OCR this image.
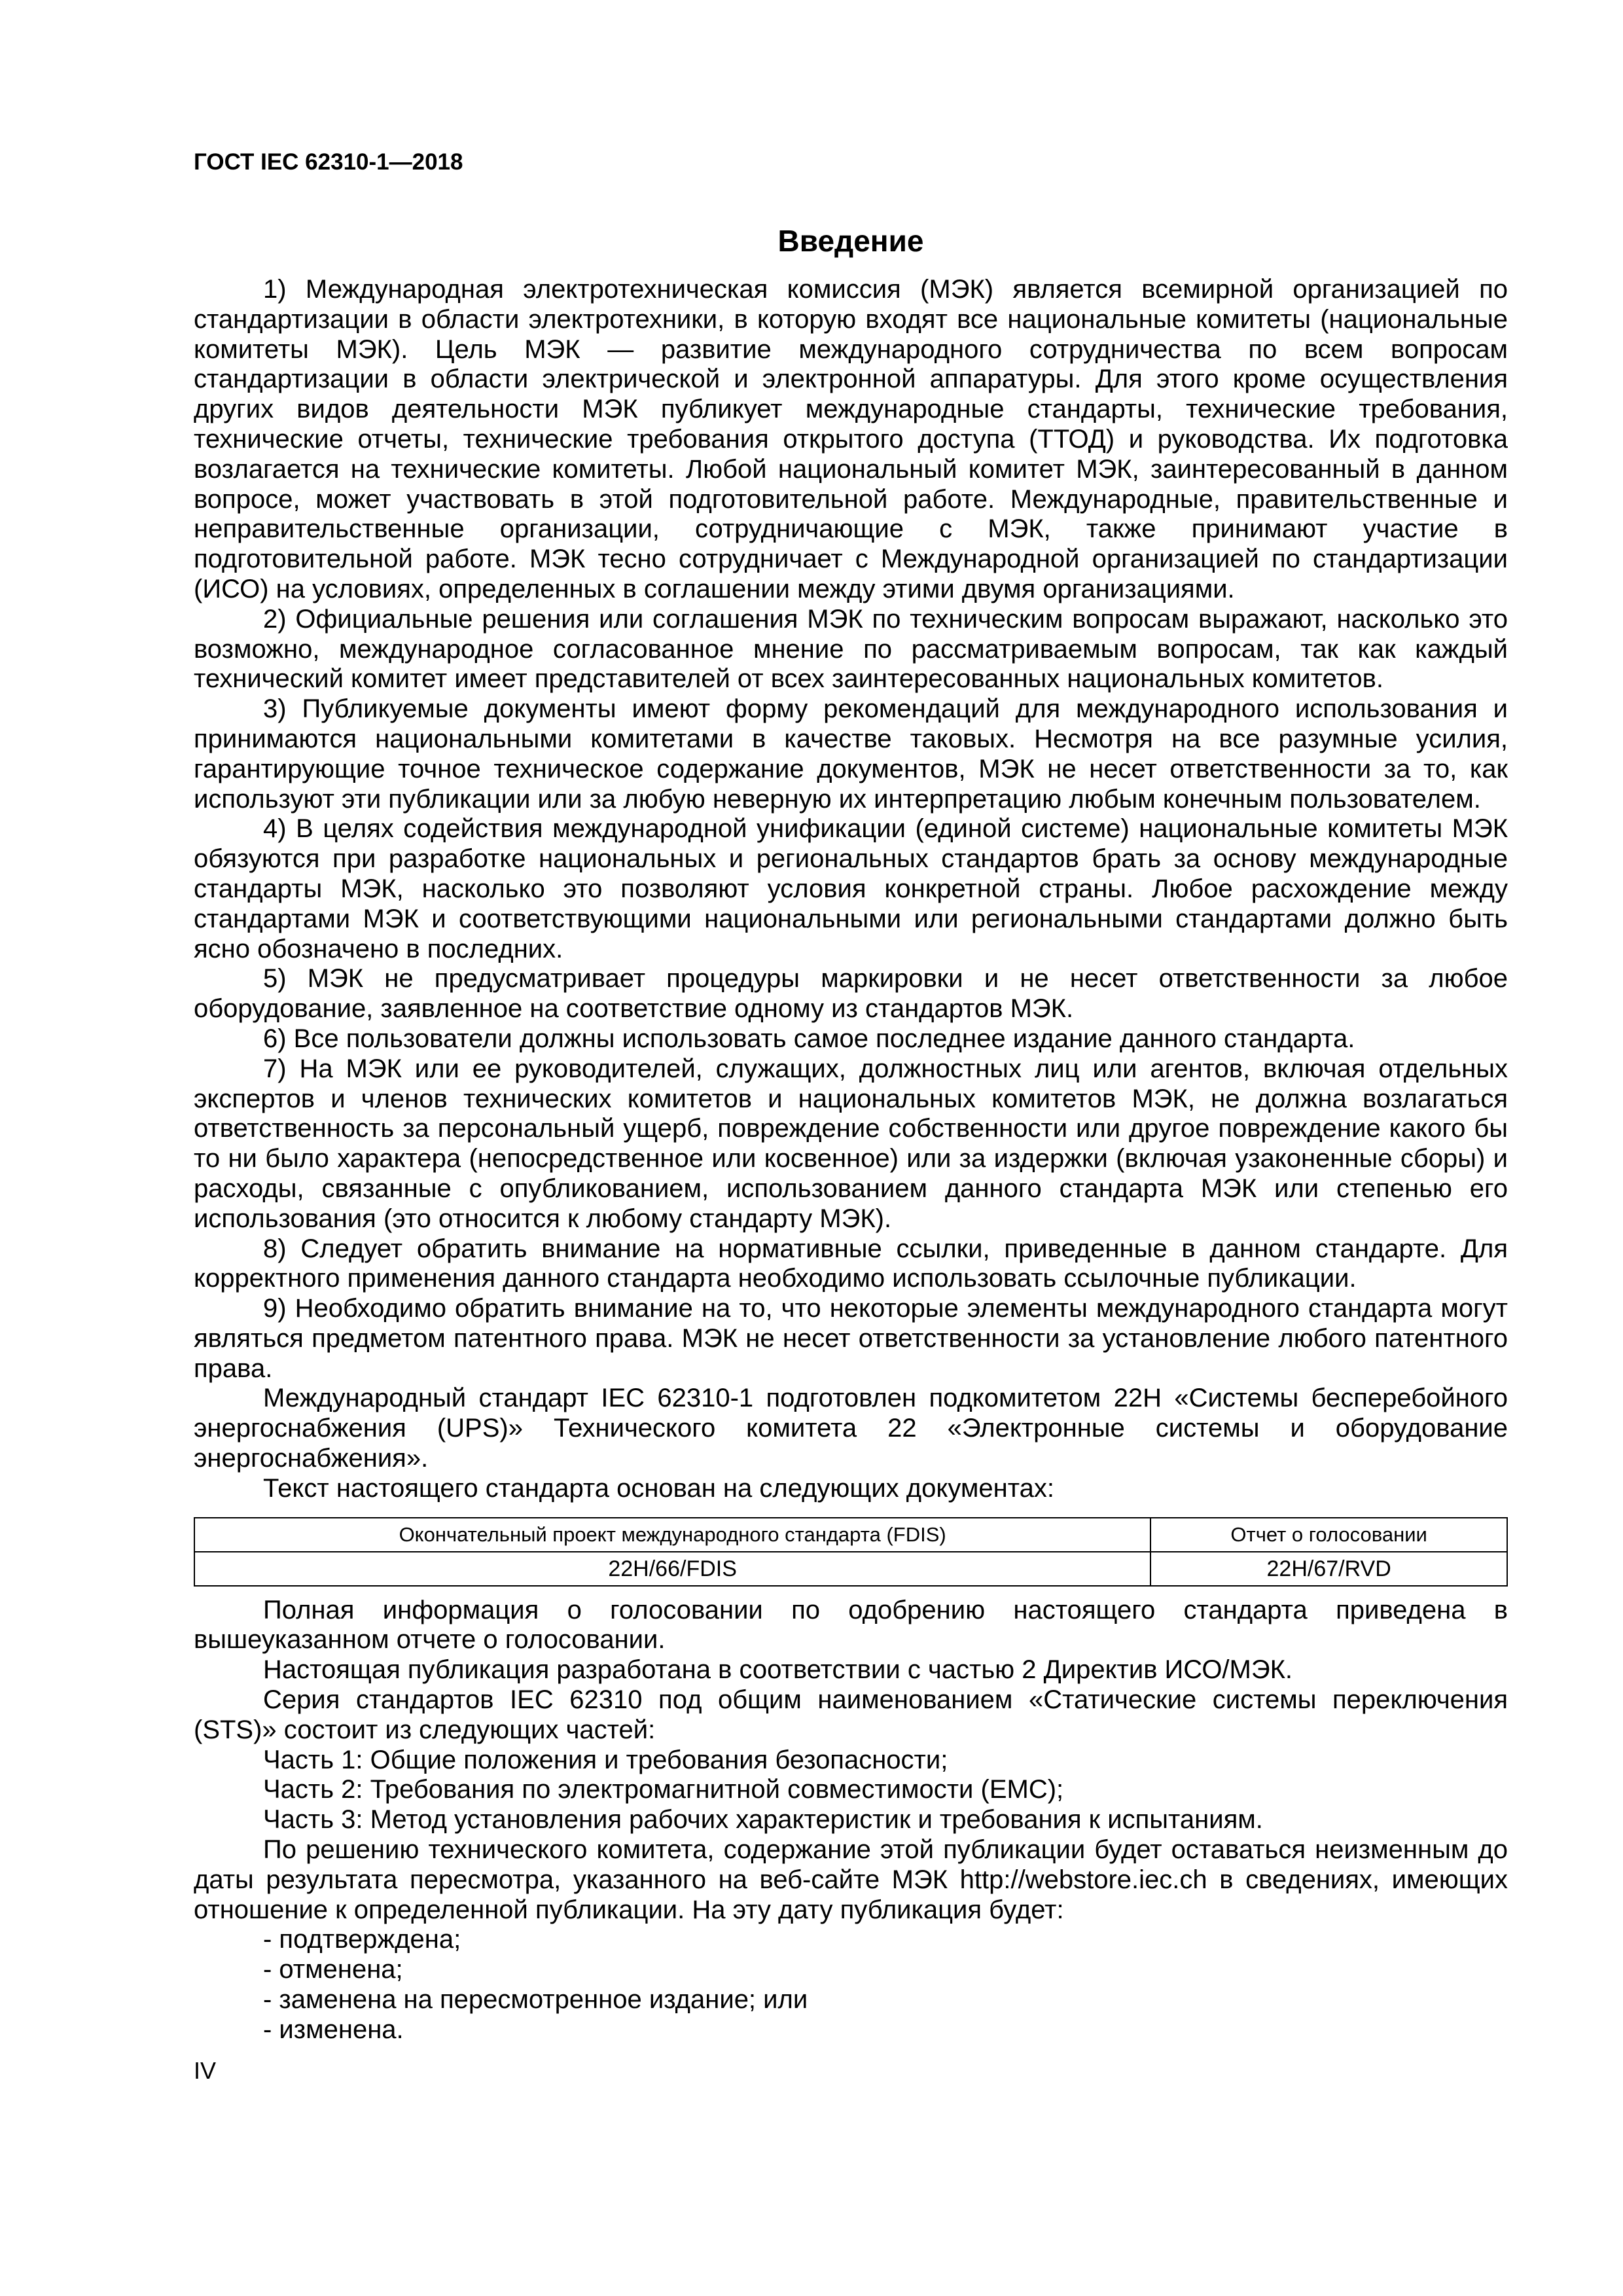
ГОСТ IEC 62310-1—2018
Введение

1) Международная электротехническая комиссия (МЭК) является всемирной организацией по стандартизации в области электротехники, в которую входят все национальные комитеты (национальные комитеты МЭК). Цель МЭК — развитие международного сотрудничества по всем вопросам стандартизации в области электрической и электронной аппаратуры. Для этого кроме осуществления других видов деятельности МЭК публикует международные стандарты, технические требования, технические отчеты, технические требования открытого доступа (ТТОД) и руководства. Их подготовка возлагается на технические комитеты. Любой национальный комитет МЭК, заинтересованный в данном вопросе, может участвовать в этой подготовительной работе. Международные, правительственные и неправительственные организации, сотрудничающие с МЭК, также принимают участие в подготовительной работе. МЭК тесно сотрудничает с Международной организацией по стандартизации (ИСО) на условиях, определенных в соглашении между этими двумя организациями.

2) Официальные решения или соглашения МЭК по техническим вопросам выражают, насколько это возможно, международное согласованное мнение по рассматриваемым вопросам, так как каждый технический комитет имеет представителей от всех заинтересованных национальных комитетов.

3) Публикуемые документы имеют форму рекомендаций для международного использования и принимаются национальными комитетами в качестве таковых. Несмотря на все разумные усилия, гарантирующие точное техническое содержание документов, МЭК не несет ответственности за то, как используют эти публикации или за любую неверную их интерпретацию любым конечным пользователем.

4) В целях содействия международной унификации (единой системе) национальные комитеты МЭК обязуются при разработке национальных и региональных стандартов брать за основу международные стандарты МЭК, насколько это позволяют условия конкретной страны. Любое расхождение между стандартами МЭК и соответствующими национальными или региональными стандартами должно быть ясно обозначено в последних.

5) МЭК не предусматривает процедуры маркировки и не несет ответственности за любое оборудование, заявленное на соответствие одному из стандартов МЭК.

6) Все пользователи должны использовать самое последнее издание данного стандарта.

7) На МЭК или ее руководителей, служащих, должностных лиц или агентов, включая отдельных экспертов и членов технических комитетов и национальных комитетов МЭК, не должна возлагаться ответственность за персональный ущерб, повреждение собственности или другое повреждение какого бы то ни было характера (непосредственное или косвенное) или за издержки (включая узаконенные сборы) и расходы, связанные с опубликованием, использованием данного стандарта МЭК или степенью его использования (это относится к любому стандарту МЭК).

8) Следует обратить внимание на нормативные ссылки, приведенные в данном стандарте. Для корректного применения данного стандарта необходимо использовать ссылочные публикации.

9) Необходимо обратить внимание на то, что некоторые элементы международного стандарта могут являться предметом патентного права. МЭК не несет ответственности за установление любого патентного права.

Международный стандарт IEC 62310-1 подготовлен подкомитетом 22H «Системы бесперебойного энергоснабжения (UPS)» Технического комитета 22 «Электронные системы и оборудование энергоснабжения».

Текст настоящего стандарта основан на следующих документах:

Окончательный проект международного стандарта (FDIS)	Отчет о голосовании
22H/66/FDIS	22H/67/RVD

Полная информация о голосовании по одобрению настоящего стандарта приведена в вышеуказанном отчете о голосовании.

Настоящая публикация разработана в соответствии с частью 2 Директив ИСО/МЭК.

Серия стандартов IEC 62310 под общим наименованием «Статические системы переключения (STS)» состоит из следующих частей:

Часть 1: Общие положения и требования безопасности;

Часть 2: Требования по электромагнитной совместимости (EMC);

Часть 3: Метод установления рабочих характеристик и требования к испытаниям.

По решению технического комитета, содержание этой публикации будет оставаться неизменным до даты результата пересмотра, указанного на веб-сайте МЭК http://webstore.iec.ch в сведениях, имеющих отношение к определенной публикации. На эту дату публикация будет:

- подтверждена;

- отменена;

- заменена на пересмотренное издание; или

- изменена.

IV
